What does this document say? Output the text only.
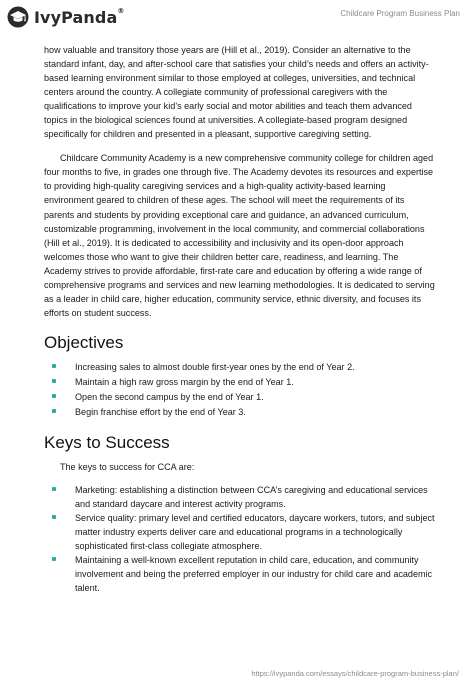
IvyPanda®	Childcare Program Business Plan

how valuable and transitory those years are (Hill et al., 2019). Consider an alternative to the standard infant, day, and after-school care that satisfies your child’s needs and offers an activity-based learning environment similar to those employed at colleges, universities, and technical centers around the country. A collegiate community of professional caregivers with the qualifications to improve your kid’s early social and motor abilities and teach them advanced topics in the biological sciences found at universities. A collegiate-based program designed specifically for children and presented in a pleasant, supportive caregiving setting.

Childcare Community Academy is a new comprehensive community college for children aged four months to five, in grades one through five. The Academy devotes its resources and expertise to providing high-quality caregiving services and a high-quality activity-based learning environment geared to children of these ages. The school will meet the requirements of its parents and students by providing exceptional care and guidance, an advanced curriculum, customizable programming, involvement in the local community, and commercial collaborations (Hill et al., 2019). It is dedicated to accessibility and inclusivity and its open-door approach welcomes those who want to give their children better care, readiness, and learning. The Academy strives to provide affordable, first-rate care and education by offering a wide range of comprehensive programs and services and new learning methodologies. It is dedicated to serving as a leader in child care, higher education, community service, ethnic diversity, and focuses its efforts on student success.

Objectives
Increasing sales to almost double first-year ones by the end of Year 2.
Maintain a high raw gross margin by the end of Year 1.
Open the second campus by the end of Year 1.
Begin franchise effort by the end of Year 3.
Keys to Success

The keys to success for CCA are:

Marketing: establishing a distinction between CCA’s caregiving and educational services and standard daycare and interest activity programs.
Service quality: primary level and certified educators, daycare workers, tutors, and subject matter industry experts deliver care and educational programs in a technologically sophisticated first-class collegiate atmosphere.
Maintaining a well-known excellent reputation in child care, education, and community involvement and being the preferred employer in our industry for child care and academic talent.
https://ivypanda.com/essays/childcare-program-business-plan/
